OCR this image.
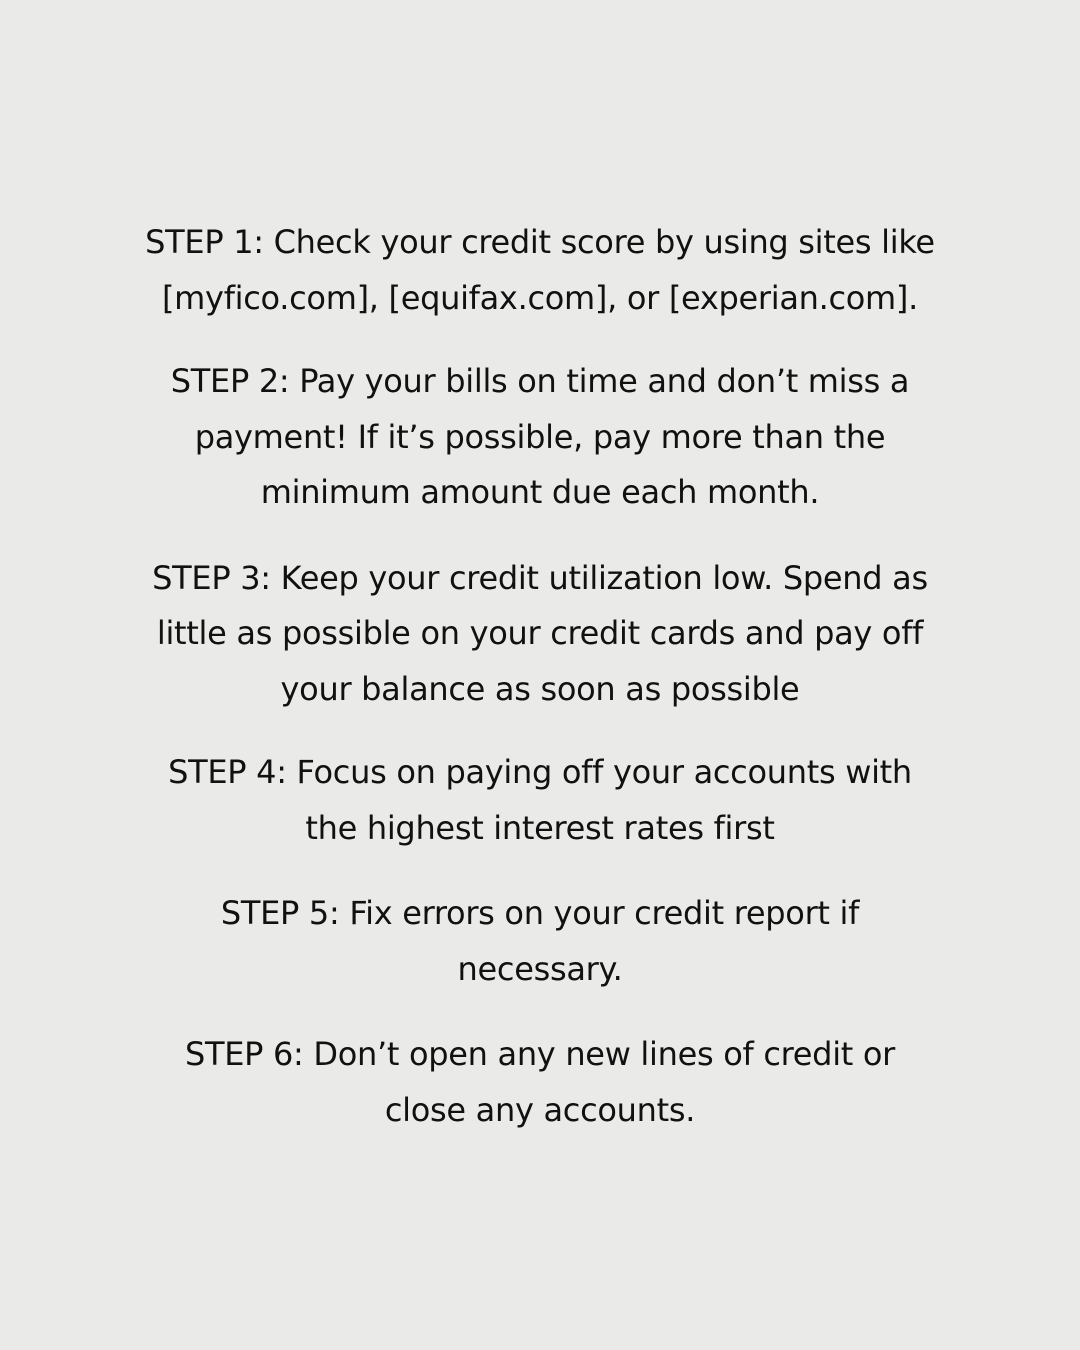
STEP 1: Check your credit score by using sites like
[myfico.com], [equifax.com], or [experian.com].
STEP 2: Pay your bills on time and don’t miss a
payment! If it’s possible, pay more than the
minimum amount due each month.
STEP 3: Keep your credit utilization low. Spend as
little as possible on your credit cards and pay off
your balance as soon as possible
STEP 4: Focus on paying off your accounts with
the highest interest rates first
STEP 5: Fix errors on your credit report if
necessary.
STEP 6: Don’t open any new lines of credit or
close any accounts.
